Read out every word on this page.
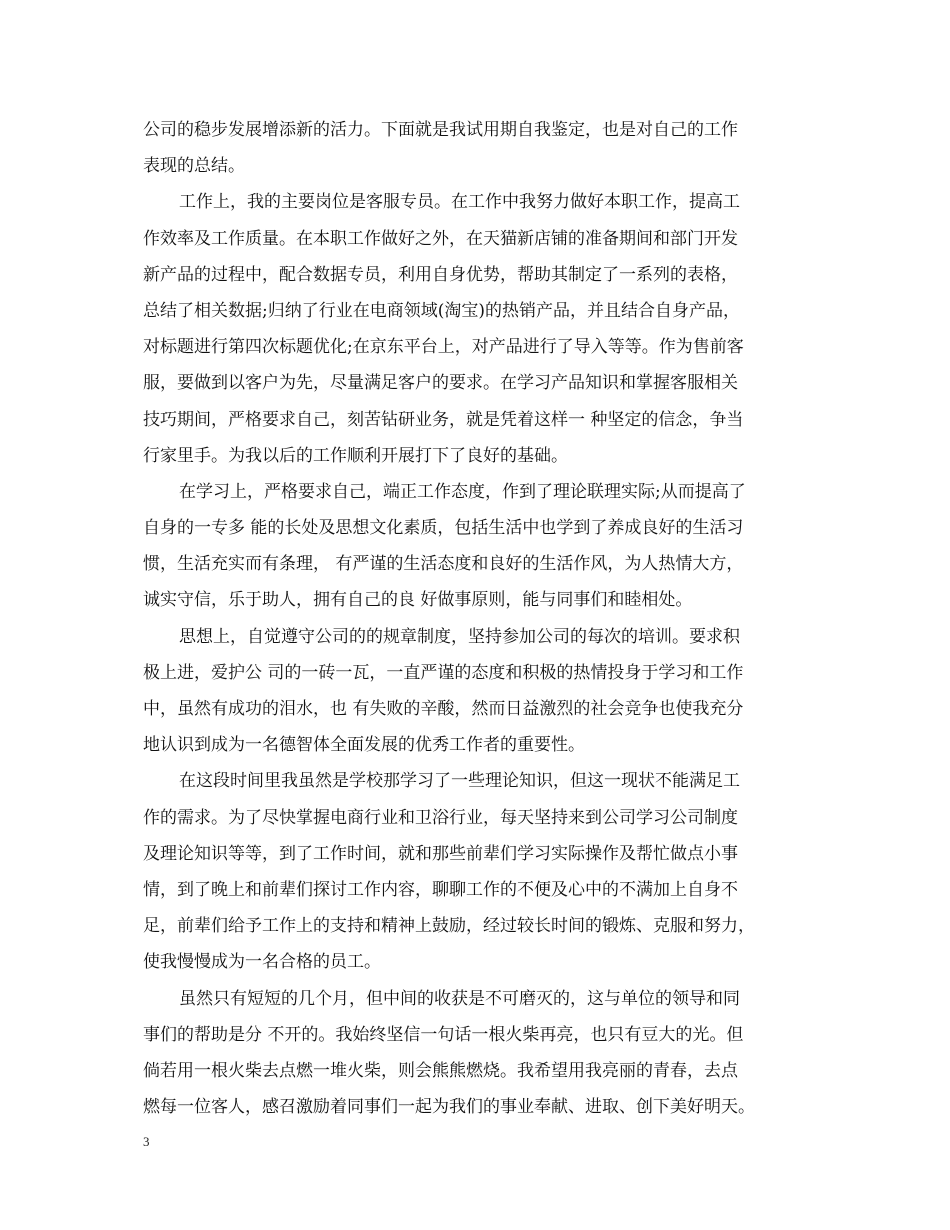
公司的稳步发展增添新的活力。下面就是我试用期自我鉴定，也是对自己的工作
表现的总结。
工作上，我的主要岗位是客服专员。在工作中我努力做好本职工作，提高工
作效率及工作质量。在本职工作做好之外，在天猫新店铺的准备期间和部门开发
新产品的过程中，配合数据专员，利用自身优势，帮助其制定了一系列的表格，
总结了相关数据;归纳了行业在电商领域(淘宝)的热销产品，并且结合自身产品，
对标题进行第四次标题优化;在京东平台上，对产品进行了导入等等。作为售前客
服，要做到以客户为先，尽量满足客户的要求。在学习产品知识和掌握客服相关
技巧期间，严格要求自己，刻苦钻研业务，就是凭着这样一 种坚定的信念，争当
行家里手。为我以后的工作顺利开展打下了良好的基础。
在学习上，严格要求自己，端正工作态度，作到了理论联理实际;从而提高了
自身的一专多 能的长处及思想文化素质，包括生活中也学到了养成良好的生活习
惯，生活充实而有条理， 有严谨的生活态度和良好的生活作风，为人热情大方，
诚实守信，乐于助人，拥有自己的良 好做事原则，能与同事们和睦相处。
思想上，自觉遵守公司的的规章制度，坚持参加公司的每次的培训。要求积
极上进，爱护公 司的一砖一瓦，一直严谨的态度和积极的热情投身于学习和工作
中，虽然有成功的泪水，也 有失败的辛酸，然而日益激烈的社会竞争也使我充分
地认识到成为一名德智体全面发展的优秀工作者的重要性。
在这段时间里我虽然是学校那学习了一些理论知识，但这一现状不能满足工
作的需求。为了尽快掌握电商行业和卫浴行业，每天坚持来到公司学习公司制度
及理论知识等等，到了工作时间，就和那些前辈们学习实际操作及帮忙做点小事
情，到了晚上和前辈们探讨工作内容，聊聊工作的不便及心中的不满加上自身不
足，前辈们给予工作上的支持和精神上鼓励，经过较长时间的锻炼、克服和努力，
使我慢慢成为一名合格的员工。
虽然只有短短的几个月，但中间的收获是不可磨灭的，这与单位的领导和同
事们的帮助是分 不开的。我始终坚信一句话一根火柴再亮，也只有豆大的光。但
倘若用一根火柴去点燃一堆火柴，则会熊熊燃烧。我希望用我亮丽的青春，去点
燃每一位客人，感召激励着同事们一起为我们的事业奉献、进取、创下美好明天。
3
